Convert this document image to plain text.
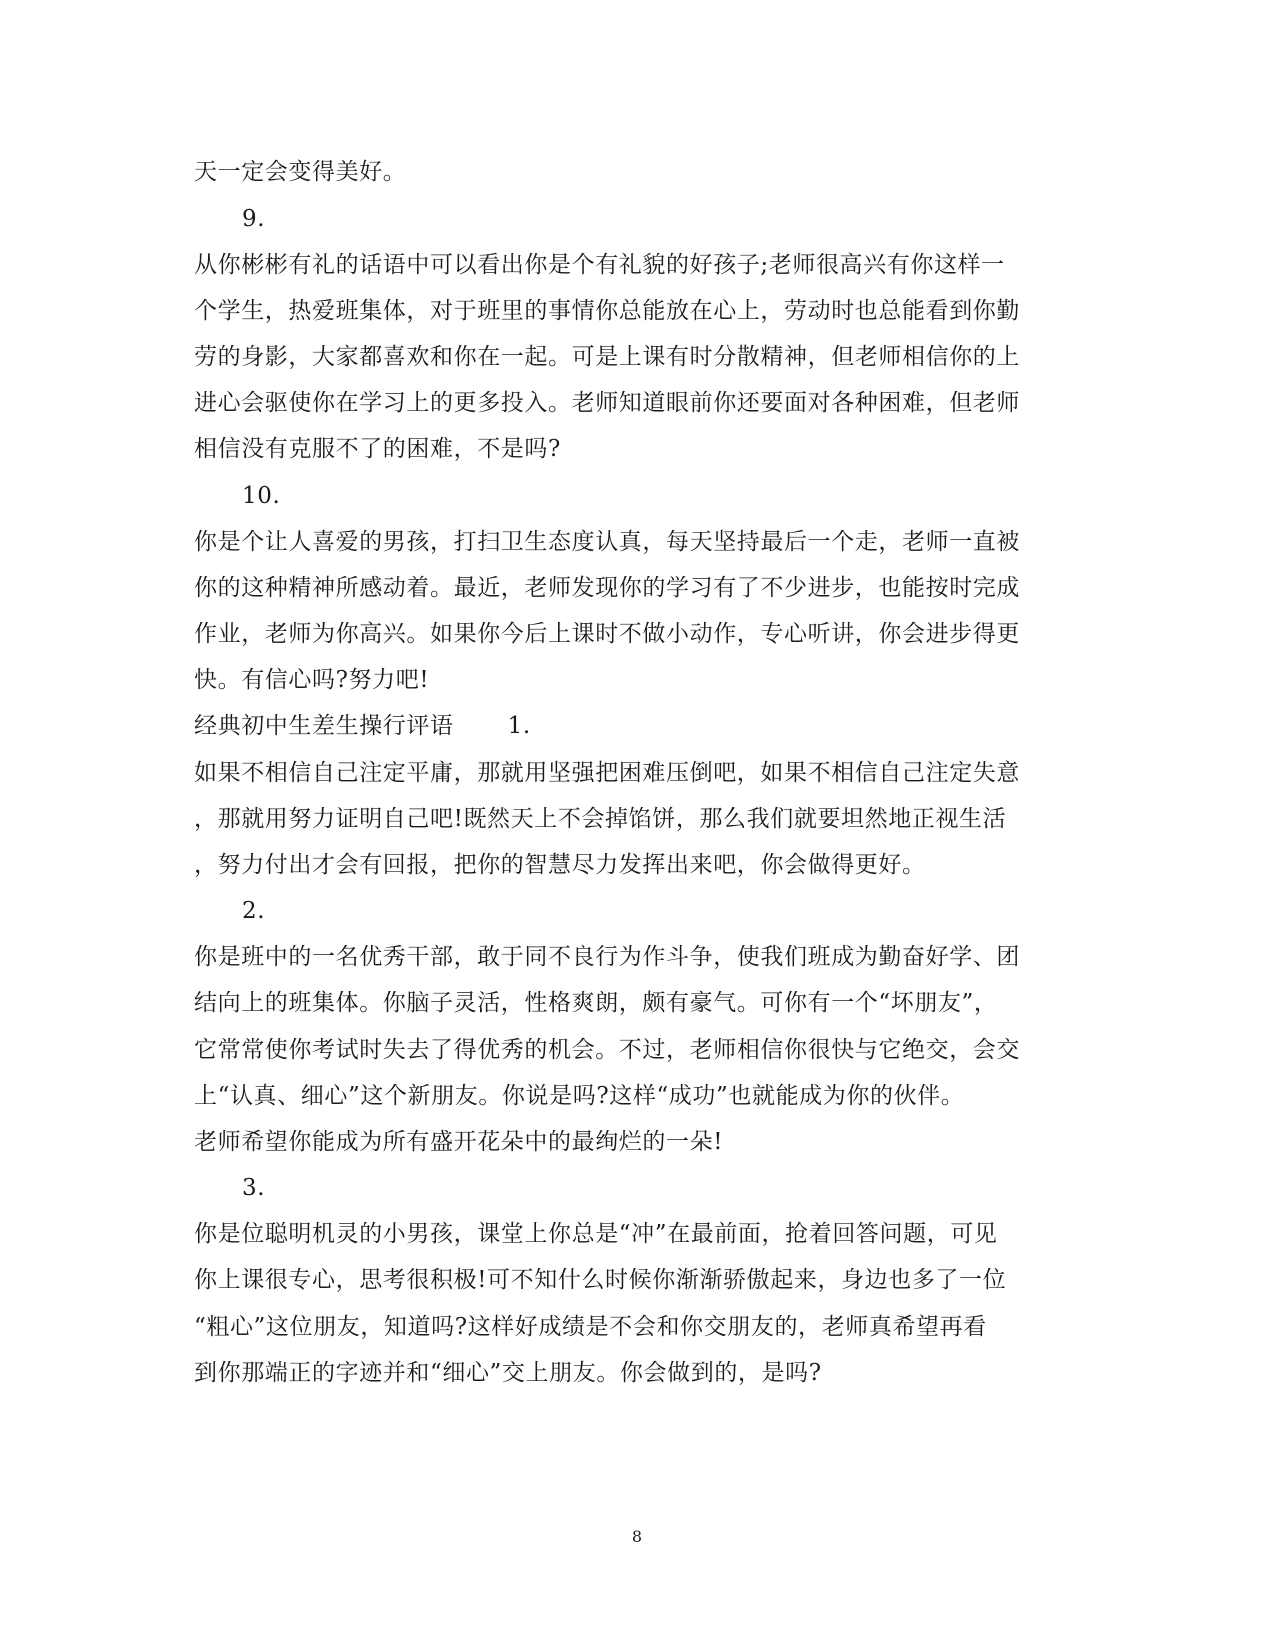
天一定会变得美好。
9.
从你彬彬有礼的话语中可以看出你是个有礼貌的好孩子;老师很高兴有你这样一
个学生，热爱班集体，对于班里的事情你总能放在心上，劳动时也总能看到你勤
劳的身影，大家都喜欢和你在一起。可是上课有时分散精神，但老师相信你的上
进心会驱使你在学习上的更多投入。老师知道眼前你还要面对各种困难，但老师
相信没有克服不了的困难，不是吗?
10.
你是个让人喜爱的男孩，打扫卫生态度认真，每天坚持最后一个走，老师一直被
你的这种精神所感动着。最近，老师发现你的学习有了不少进步，也能按时完成
作业，老师为你高兴。如果你今后上课时不做小动作，专心听讲，你会进步得更
快。有信心吗?努力吧!
经典初中生差生操行评语 1.
如果不相信自己注定平庸，那就用坚强把困难压倒吧，如果不相信自己注定失意
，那就用努力证明自己吧!既然天上不会掉馅饼，那么我们就要坦然地正视生活
，努力付出才会有回报，把你的智慧尽力发挥出来吧，你会做得更好。
2.
你是班中的一名优秀干部，敢于同不良行为作斗争，使我们班成为勤奋好学、团
结向上的班集体。你脑子灵活，性格爽朗，颇有豪气。可你有一个“坏朋友”，
它常常使你考试时失去了得优秀的机会。不过，老师相信你很快与它绝交，会交
上“认真、细心”这个新朋友。你说是吗?这样“成功”也就能成为你的伙伴。
老师希望你能成为所有盛开花朵中的最绚烂的一朵!
3.
你是位聪明机灵的小男孩，课堂上你总是“冲”在最前面，抢着回答问题，可见
你上课很专心，思考很积极!可不知什么时候你渐渐骄傲起来，身边也多了一位
“粗心”这位朋友，知道吗?这样好成绩是不会和你交朋友的，老师真希望再看
到你那端正的字迹并和“细心”交上朋友。你会做到的，是吗?
8
